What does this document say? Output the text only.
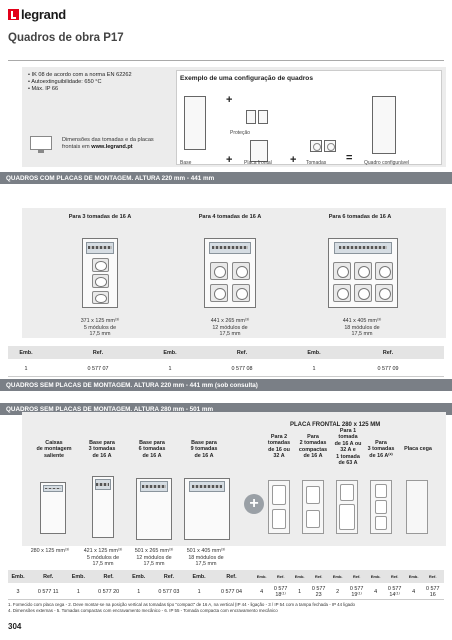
legrand
Quadros de obra P17
• IK 08 de acordo com a norma EN 62262
• Autoextinguibilidade: 650 °C
• Máx. IP 66
Dimensões das tomadas e da placas
frontais em www.legrand.pt
Exemplo de uma configuração de quadros
+
Proteção
+	+	=
Base	Placa frontal	Tomadas	Quadro configurável
QUADROS COM PLACAS DE MONTAGEM. ALTURA 220 mm - 441 mm
Para 3 tomadas de 16 A	Para 4 tomadas de 16 A	Para 6 tomadas de 16 A
371 x 125 mm⁽³⁾
5 módulos de
17,5 mm
441 x 265 mm⁽³⁾
12 módulos de
17,5 mm
441 x 405 mm⁽³⁾
18 módulos de
17,5 mm
Emb.	Ref.	Emb.	Ref.	Emb.	Ref.

1	0 577 07	1	0 577 08	1	0 577 09
QUADROS SEM PLACAS DE MONTAGEM. ALTURA 220 mm - 441 mm (sob consulta)
QUADROS SEM PLACAS DE MONTAGEM. ALTURA 280 mm - 501 mm
PLACA FRONTAL 280 x 125 MM
Caixas
de montagem
saliente
Base para
3 tomadas
de 16 A
Base para
6 tomadas
de 16 A
Base para
9 tomadas
de 16 A
Para 2
tomadas
de 16 ou
32 A
Para
2 tomadas
compactas
de 16 A
Para 1 tomada
de 16 A ou
32 A e
1 tomada
de 63 A
Para
3 tomadas
de 16 A⁽²⁾
Placa cega
+
280 x 125 mm⁽³⁾	421 x 125 mm⁽³⁾
5 módulos de
17,5 mm
501 x 265 mm⁽³⁾
12 módulos de
17,5 mm
501 x 405 mm⁽³⁾
18 módulos de
17,5 mm
Emb.	Ref.	Emb.	Ref.	Emb.	Ref.	Emb.	Ref.	Emb.	Ref.	Emb.	Ref.	Emb.	Ref.	Emb.	Ref.	Emb.	Ref.

3	0 577 11	1	0 577 20	1	0 577 03	1	0 577 04	4	0 577 18⁽¹⁾	1	0 577 23	2	0 577 19⁽¹⁾	4	0 577 14⁽¹⁾	4	0 577 16
1. Fornecido com placa cega - 2. Deve montar-se na posição vertical as tomadas tipo "compact" de 16 A, na vertical (IP 44 - ligação - 3 / IP 54 com a tampa fechada - IP 44 ligado
4. Dimensões externas - 5. Tomadas compactas com encravamento mecânico - 6. IP 55 - Tomada compacta com encravamento mecânico
304
